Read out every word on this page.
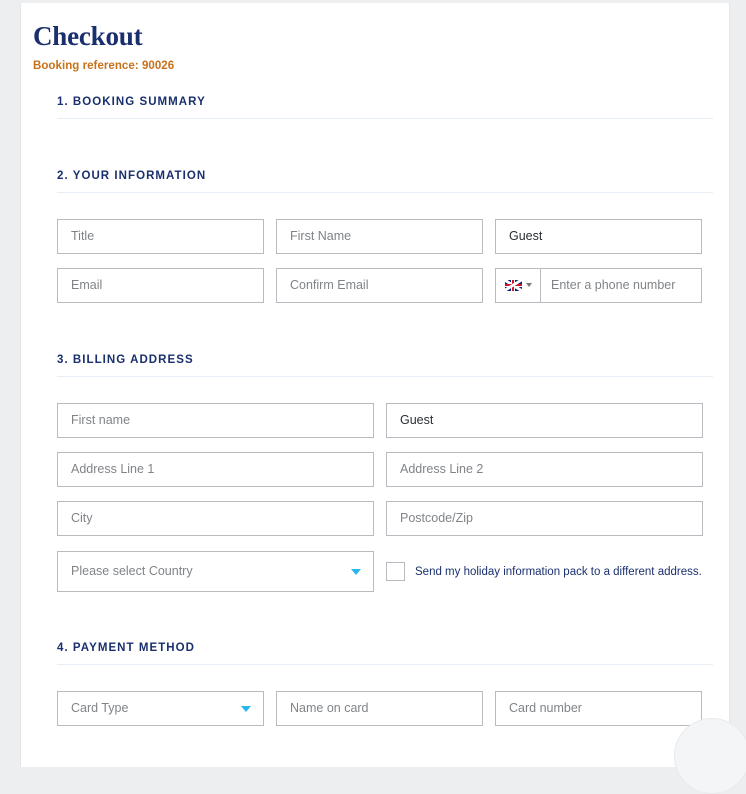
Checkout
Booking reference: 90026
1. BOOKING SUMMARY
2. YOUR INFORMATION
Title	First Name	Guest
Email	Confirm Email	Enter a phone number
3. BILLING ADDRESS
First name	Guest
Address Line 1	Address Line 2
City	Postcode/Zip
Please select Country	Send my holiday information pack to a different address.
4. PAYMENT METHOD
Card Type	Name on card	Card number
